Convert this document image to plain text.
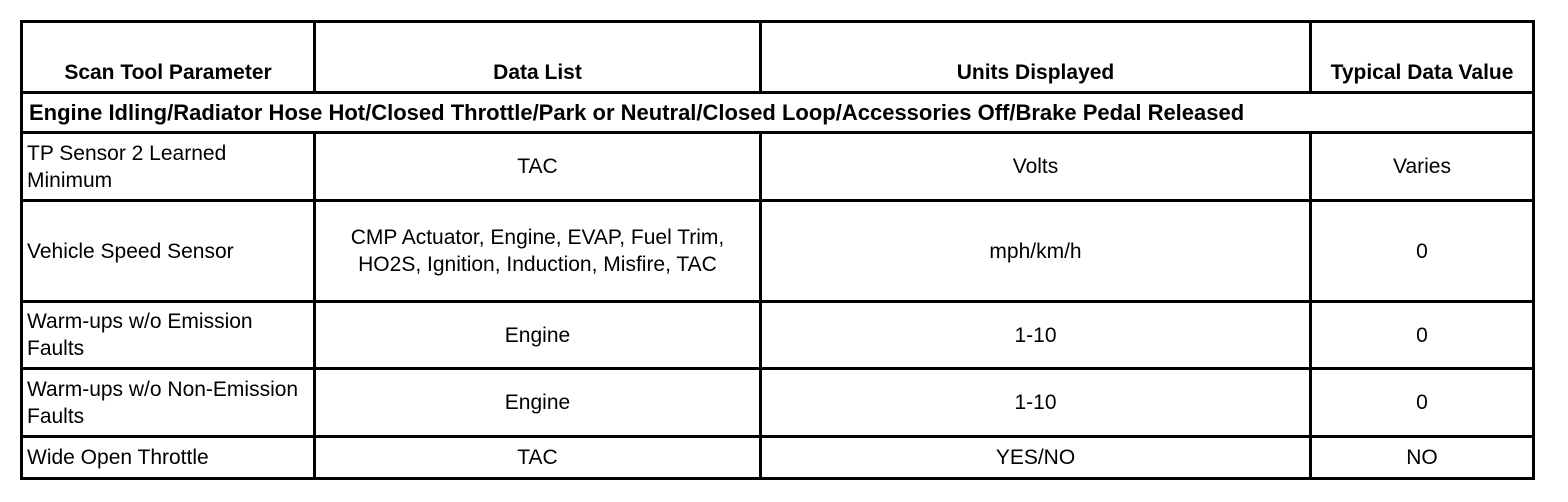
Scan Tool Parameter	Data List	Units Displayed	Typical Data Value
Engine Idling/Radiator Hose Hot/Closed Throttle/Park or Neutral/Closed Loop/Accessories Off/Brake Pedal Released			
TP Sensor 2 Learned Minimum	TAC	Volts	Varies
Vehicle Speed Sensor	CMP Actuator, Engine, EVAP, Fuel Trim, HO2S, Ignition, Induction, Misfire, TAC	mph/km/h	0
Warm-ups w/o Emission Faults	Engine	1-10	0
Warm-ups w/o Non-Emission Faults	Engine	1-10	0
Wide Open Throttle	TAC	YES/NO	NO
